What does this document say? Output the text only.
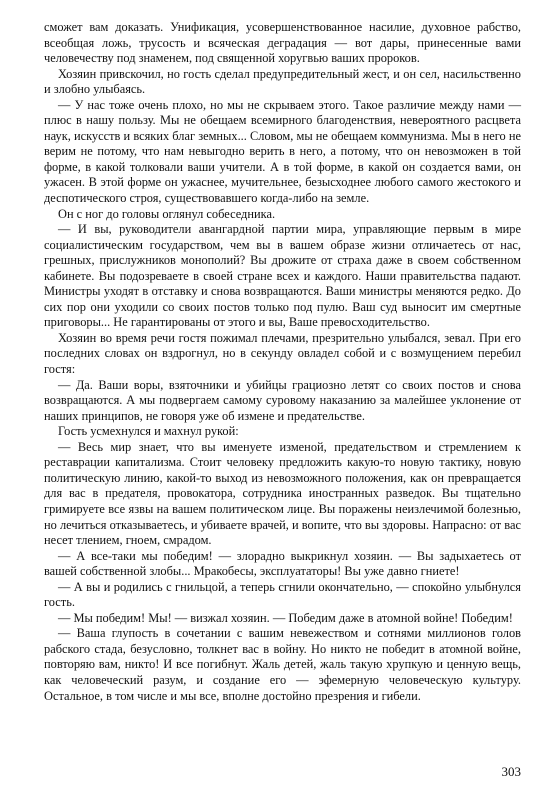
сможет вам доказать. Унификация, усовершенствованное насилие, духовное рабство, всеобщая ложь, трусость и всяческая деградация — вот дары, принесенные вами человечеству под знаменем, под священной хоругвью ваших пророков.

Хозяин привскочил, но гость сделал предупредительный жест, и он сел, насильственно и злобно улыбаясь.

— У нас тоже очень плохо, но мы не скрываем этого. Такое различие между нами — плюс в нашу пользу. Мы не обещаем всемирного благоденствия, невероятного расцвета наук, искусств и всяких благ земных... Словом, мы не обещаем коммунизма. Мы в него не верим не потому, что нам невыгодно верить в него, а потому, что он невозможен в той форме, в какой толковали ваши учители. А в той форме, в какой он создается вами, он ужасен. В этой форме он ужаснее, мучительнее, безысходнее любого самого жестокого и деспотического строя, существовавшего когда-либо на земле.

Он с ног до головы оглянул собеседника.

— И вы, руководители авангардной партии мира, управляющие первым в мире социалистическим государством, чем вы в вашем образе жизни отличаетесь от нас, грешных, прислужников монополий? Вы дрожите от страха даже в своем собственном кабинете. Вы подозреваете в своей стране всех и каждого. Наши правительства падают. Министры уходят в отставку и снова возвращаются. Ваши министры меняются редко. До сих пор они уходили со своих постов только под пулю. Ваш суд выносит им смертные приговоры... Не гарантированы от этого и вы, Ваше превосходительство.

Хозяин во время речи гостя пожимал плечами, презрительно улыбался, зевал. При его последних словах он вздрогнул, но в секунду овладел собой и с возмущением перебил гостя:

— Да. Ваши воры, взяточники и убийцы грациозно летят со своих постов и снова возвращаются. А мы подвергаем самому суровому наказанию за малейшее уклонение от наших принципов, не говоря уже об измене и предательстве.

Гость усмехнулся и махнул рукой:

— Весь мир знает, что вы именуете изменой, предательством и стремлением к реставрации капитализма. Стоит человеку предложить какую-то новую тактику, новую политическую линию, какой-то выход из невозможного положения, как он превращается для вас в предателя, провокатора, сотрудника иностранных разведок. Вы тщательно гримируете все язвы на вашем политическом лице. Вы поражены неизлечимой болезнью, но лечиться отказываетесь, и убиваете врачей, и вопите, что вы здоровы. Напрасно: от вас несет тлением, гноем, смрадом.

— А все-таки мы победим! — злорадно выкрикнул хозяин. — Вы задыхаетесь от вашей собственной злобы... Мракобесы, эксплуататоры! Вы уже давно гниете!

— А вы и родились с гнильцой, а теперь сгнили окончательно, — спокойно улыбнулся гость.

— Мы победим! Мы! — визжал хозяин. — Победим даже в атомной войне! Победим!

— Ваша глупость в сочетании с вашим невежеством и сотнями миллионов голов рабского стада, безусловно, толкнет вас в войну. Но никто не победит в атомной войне, повторяю вам, никто! И все погибнут. Жаль детей, жаль такую хрупкую и ценную вещь, как человеческий разум, и создание его — эфемерную человеческую культуру. Остальное, в том числе и мы все, вполне достойно презрения и гибели.

303
